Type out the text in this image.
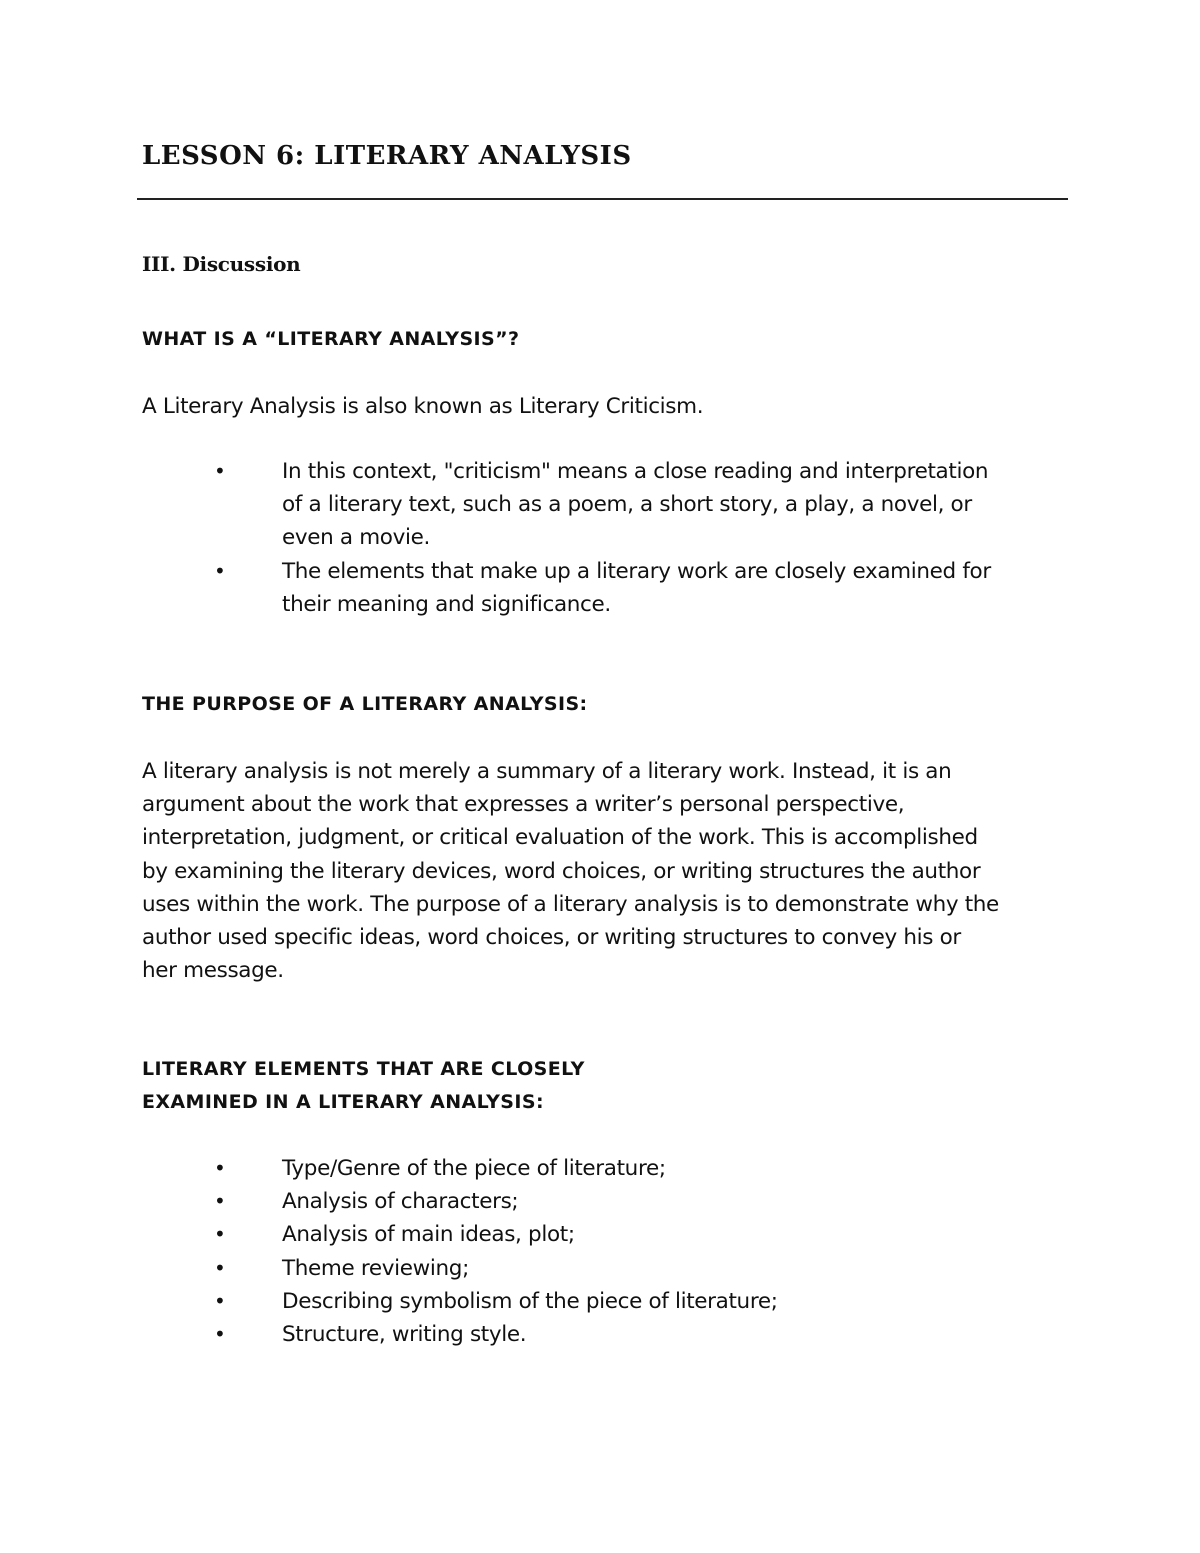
LESSON 6: LITERARY ANALYSIS
III. Discussion
WHAT IS A “LITERARY ANALYSIS”?

A Literary Analysis is also known as Literary Criticism.

•	In this context, "criticism" means a close reading and interpretation
of a literary text, such as a poem, a short story, a play, a novel, or
even a movie.
•	The elements that make up a literary work are closely examined for
their meaning and significance.
THE PURPOSE OF A LITERARY ANALYSIS:

A literary analysis is not merely a summary of a literary work. Instead, it is an
argument about the work that expresses a writer’s personal perspective,
interpretation, judgment, or critical evaluation of the work. This is accomplished
by examining the literary devices, word choices, or writing structures the author
uses within the work. The purpose of a literary analysis is to demonstrate why the
author used specific ideas, word choices, or writing structures to convey his or
her message.

LITERARY ELEMENTS THAT ARE CLOSELY
EXAMINED IN A LITERARY ANALYSIS:
•	Type/Genre of the piece of literature;
•	Analysis of characters;
•	Analysis of main ideas, plot;
•	Theme reviewing;
•	Describing symbolism of the piece of literature;
•	Structure, writing style.
